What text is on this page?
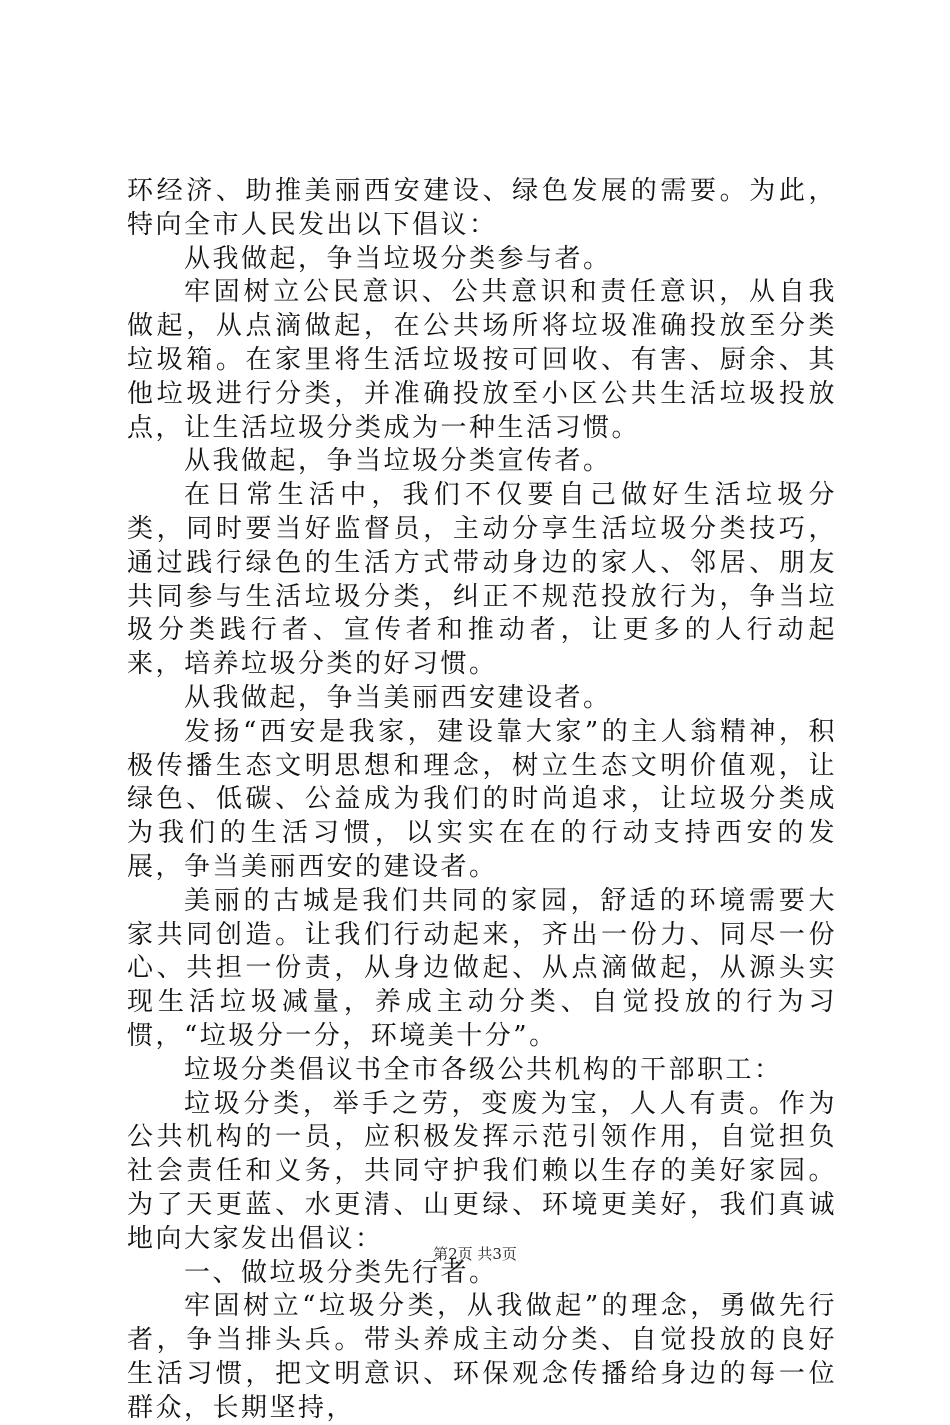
环经济、助推美丽西安建设、绿色发展的需要。为此，特向全市人民发出以下倡议：

从我做起，争当垃圾分类参与者。

牢固树立公民意识、公共意识和责任意识，从自我做起，从点滴做起，在公共场所将垃圾准确投放至分类垃圾箱。在家里将生活垃圾按可回收、有害、厨余、其他垃圾进行分类，并准确投放至小区公共生活垃圾投放点，让生活垃圾分类成为一种生活习惯。

从我做起，争当垃圾分类宣传者。

在日常生活中，我们不仅要自己做好生活垃圾分类，同时要当好监督员，主动分享生活垃圾分类技巧，通过践行绿色的生活方式带动身边的家人、邻居、朋友共同参与生活垃圾分类，纠正不规范投放行为，争当垃圾分类践行者、宣传者和推动者，让更多的人行动起来，培养垃圾分类的好习惯。

从我做起，争当美丽西安建设者。

发扬“西安是我家，建设靠大家”的主人翁精神，积极传播生态文明思想和理念，树立生态文明价值观，让绿色、低碳、公益成为我们的时尚追求，让垃圾分类成为我们的生活习惯，以实实在在的行动支持西安的发展，争当美丽西安的建设者。

美丽的古城是我们共同的家园，舒适的环境需要大家共同创造。让我们行动起来，齐出一份力、同尽一份心、共担一份责，从身边做起、从点滴做起，从源头实现生活垃圾减量，养成主动分类、自觉投放的行为习惯，“垃圾分一分，环境美十分”。

垃圾分类倡议书全市各级公共机构的干部职工：

垃圾分类，举手之劳，变废为宝，人人有责。作为公共机构的一员，应积极发挥示范引领作用，自觉担负社会责任和义务，共同守护我们赖以生存的美好家园。为了天更蓝、水更清、山更绿、环境更美好，我们真诚地向大家发出倡议：

一、做垃圾分类先行者。

牢固树立“垃圾分类，从我做起”的理念，勇做先行者，争当排头兵。带头养成主动分类、自觉投放的良好生活习惯，把文明意识、环保观念传播给身边的每一位群众，长期坚持，

第2页 共3页
